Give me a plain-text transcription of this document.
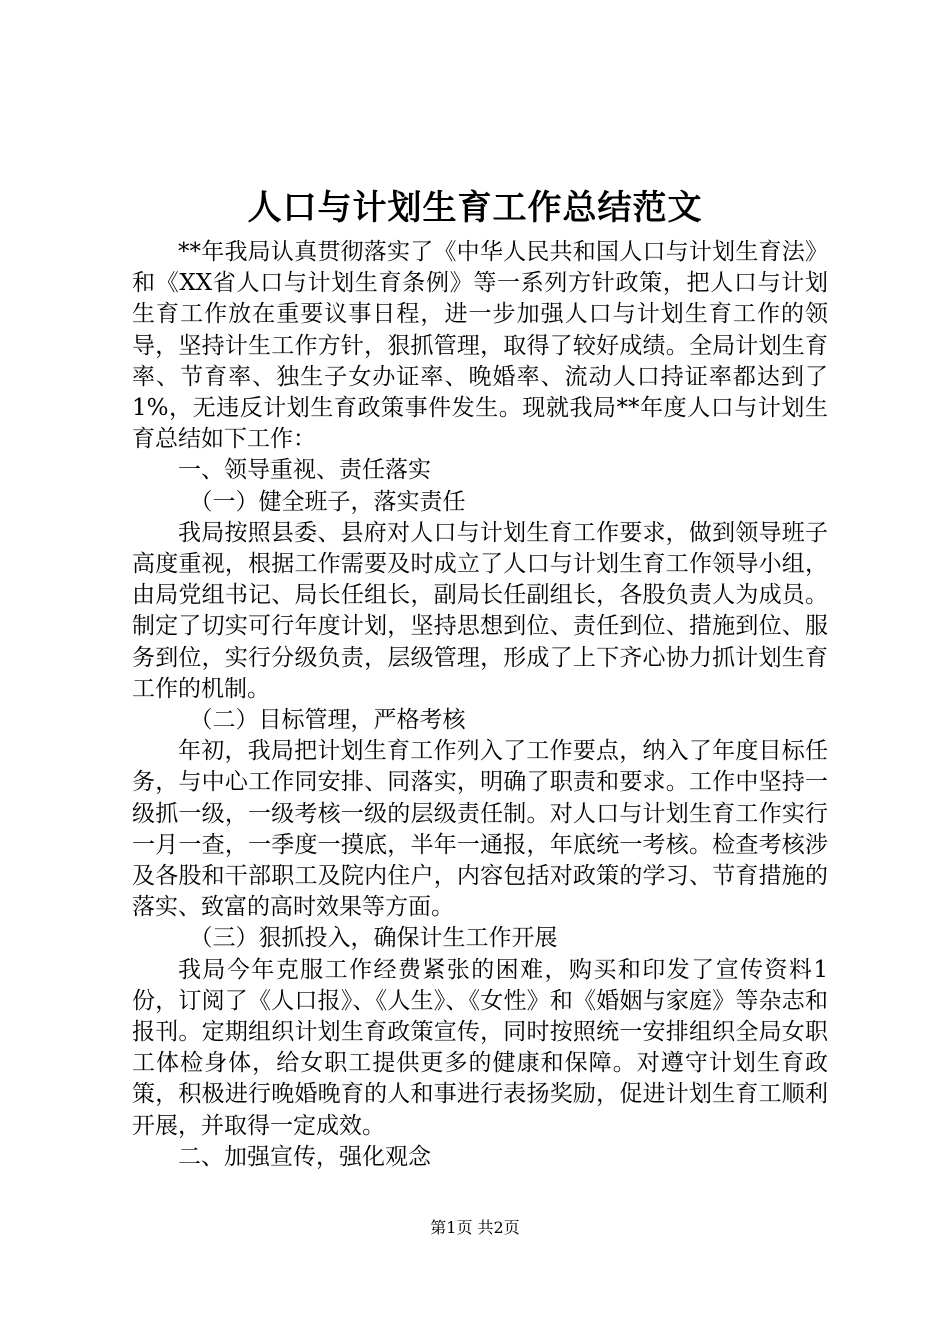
人口与计划生育工作总结范文

**年我局认真贯彻落实了《中华人民共和国人口与计划生育法》和《XX省人口与计划生育条例》等一系列方针政策，把人口与计划生育工作放在重要议事日程，进一步加强人口与计划生育工作的领导，坚持计生工作方针，狠抓管理，取得了较好成绩。全局计划生育率、节育率、独生子女办证率、晚婚率、流动人口持证率都达到了1%，无违反计划生育政策事件发生。现就我局**年度人口与计划生育总结如下工作：

一、领导重视、责任落实

（一）健全班子，落实责任

我局按照县委、县府对人口与计划生育工作要求，做到领导班子高度重视，根据工作需要及时成立了人口与计划生育工作领导小组，由局党组书记、局长任组长，副局长任副组长，各股负责人为成员。制定了切实可行年度计划，坚持思想到位、责任到位、措施到位、服务到位，实行分级负责，层级管理，形成了上下齐心协力抓计划生育工作的机制。

（二）目标管理，严格考核

年初，我局把计划生育工作列入了工作要点，纳入了年度目标任务，与中心工作同安排、同落实，明确了职责和要求。工作中坚持一级抓一级，一级考核一级的层级责任制。对人口与计划生育工作实行一月一查，一季度一摸底，半年一通报，年底统一考核。检查考核涉及各股和干部职工及院内住户，内容包括对政策的学习、节育措施的落实、致富的高时效果等方面。

（三）狠抓投入，确保计生工作开展

我局今年克服工作经费紧张的困难，购买和印发了宣传资料1份，订阅了《人口报》、《人生》、《女性》和《婚姻与家庭》等杂志和报刊。定期组织计划生育政策宣传，同时按照统一安排组织全局女职工体检身体，给女职工提供更多的健康和保障。对遵守计划生育政策，积极进行晚婚晚育的人和事进行表扬奖励，促进计划生育工顺利开展，并取得一定成效。

二、加强宣传，强化观念

第1页 共2页
